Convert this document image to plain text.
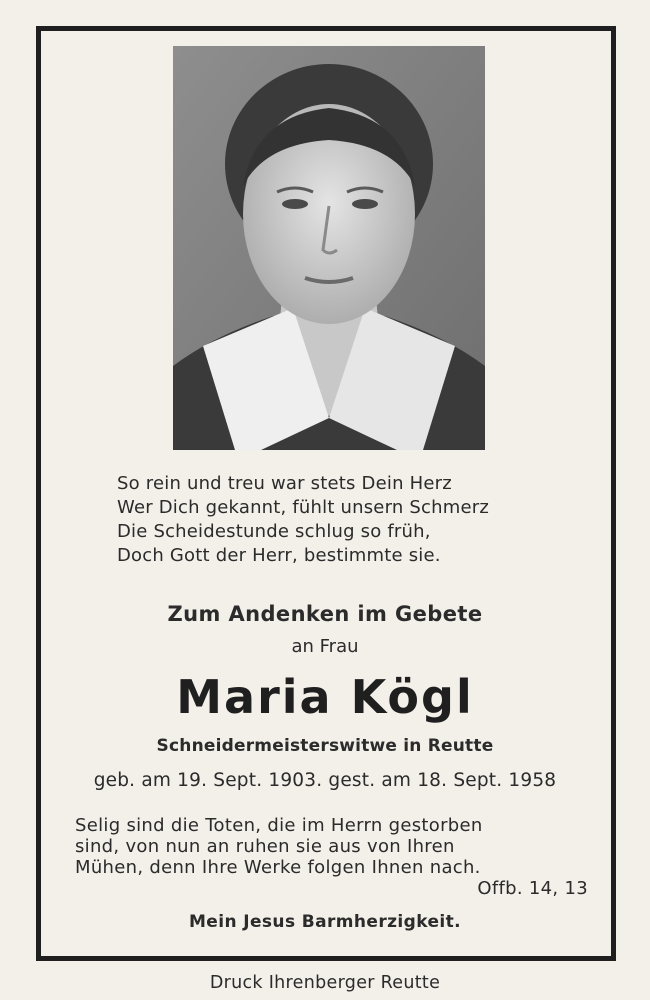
So rein und treu war stets Dein Herz
Wer Dich gekannt, fühlt unsern Schmerz
Die Scheidestunde schlug so früh,
Doch Gott der Herr, bestimmte sie.
Zum Andenken im Gebete
an Frau
Maria Kögl
Schneidermeisterswitwe in Reutte
geb. am 19. Sept. 1903. gest. am 18. Sept. 1958
Selig sind die Toten, die im Herrn gestorben
sind, von nun an ruhen sie aus von Ihren
Mühen, denn Ihre Werke folgen Ihnen nach.
Offb. 14, 13
Mein Jesus Barmherzigkeit.
Druck Ihrenberger Reutte
